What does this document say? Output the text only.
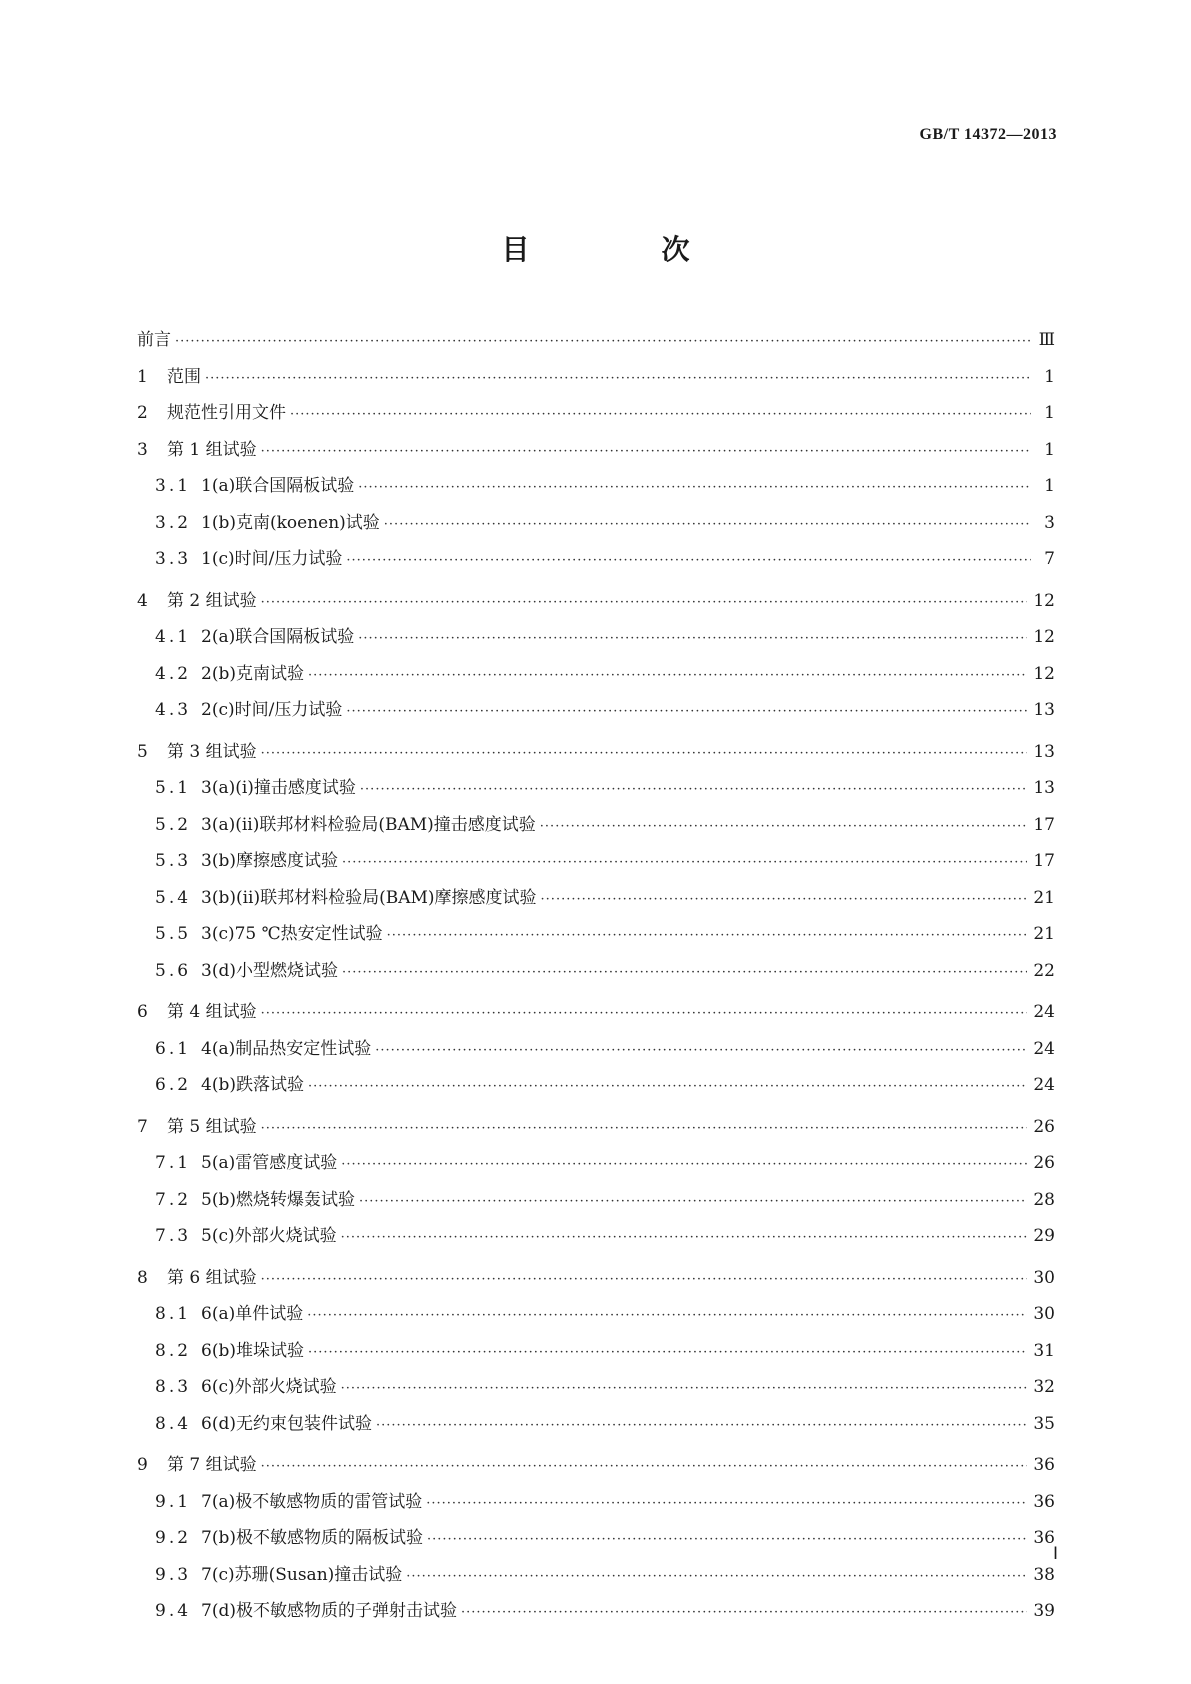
GB/T 14372—2013
目　次
前言 ·····	Ⅲ
1 范围 ·····	1
2 规范性引用文件 ·····	1
3 第 1 组试验 ·····	1
3.1 1(a)联合国隔板试验 ·····	1
3.2 1(b)克南(koenen)试验 ·····	3
3.3 1(c)时间/压力试验 ·····	7
4 第 2 组试验 ·····	12
4.1 2(a)联合国隔板试验 ·····	12
4.2 2(b)克南试验 ·····	12
4.3 2(c)时间/压力试验 ·····	13
5 第 3 组试验 ·····	13
5.1 3(a)(i)撞击感度试验 ·····	13
5.2 3(a)(ii)联邦材料检验局(BAM)撞击感度试验 ·····	17
5.3 3(b)摩擦感度试验 ·····	17
5.4 3(b)(ii)联邦材料检验局(BAM)摩擦感度试验 ·····	21
5.5 3(c)75 ℃热安定性试验 ·····	21
5.6 3(d)小型燃烧试验 ·····	22
6 第 4 组试验 ·····	24
6.1 4(a)制品热安定性试验 ·····	24
6.2 4(b)跌落试验 ·····	24
7 第 5 组试验 ·····	26
7.1 5(a)雷管感度试验 ·····	26
7.2 5(b)燃烧转爆轰试验 ·····	28
7.3 5(c)外部火烧试验 ·····	29
8 第 6 组试验 ·····	30
8.1 6(a)单件试验 ·····	30
8.2 6(b)堆垛试验 ·····	31
8.3 6(c)外部火烧试验 ·····	32
8.4 6(d)无约束包装件试验 ·····	35
9 第 7 组试验 ·····	36
9.1 7(a)极不敏感物质的雷管试验 ·····	36
9.2 7(b)极不敏感物质的隔板试验 ·····	36
9.3 7(c)苏珊(Susan)撞击试验 ·····	38
9.4 7(d)极不敏感物质的子弹射击试验 ·····	39
Ⅰ
